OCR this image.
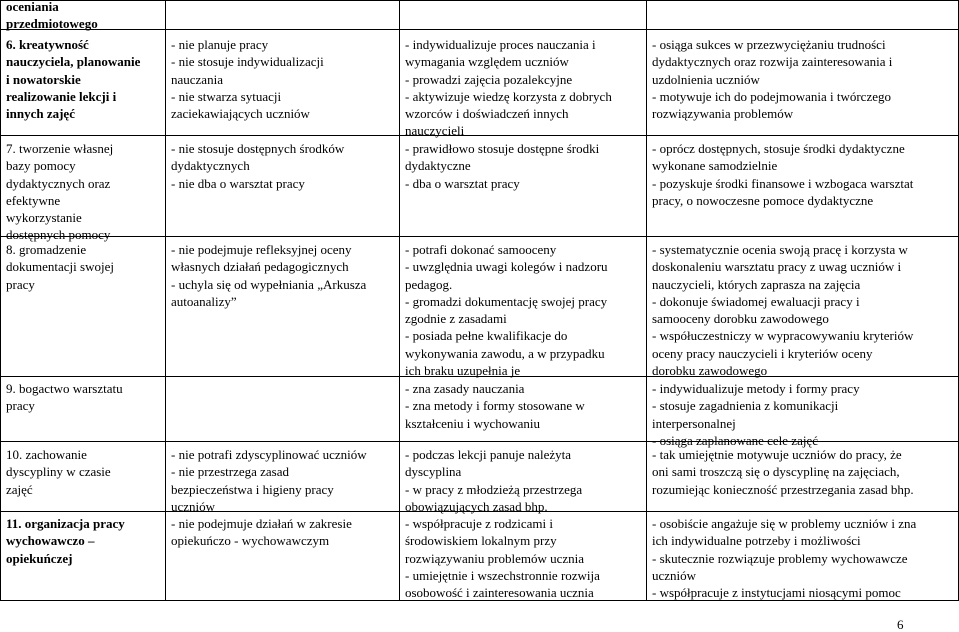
oceniania
przedmiotowego
6. kreatywność
nauczyciela, planowanie
i nowatorskie
realizowanie lekcji i
innych zajęć
7. tworzenie własnej
bazy pomocy
dydaktycznych oraz
efektywne
wykorzystanie
dostępnych pomocy
8. gromadzenie
dokumentacji swojej
pracy
9. bogactwo warsztatu
pracy
10. zachowanie
dyscypliny w czasie
zajęć
11. organizacja pracy
wychowawczo –
opiekuńczej
- nie planuje pracy
- nie stosuje indywidualizacji
nauczania
- nie stwarza sytuacji
zaciekawiających uczniów
- nie stosuje dostępnych środków
dydaktycznych
- nie dba o warsztat pracy
- nie podejmuje refleksyjnej oceny
własnych działań pedagogicznych
- uchyla się od wypełniania „Arkusza
autoanalizy”
- nie potrafi zdyscyplinować uczniów
- nie przestrzega zasad
bezpieczeństwa i higieny pracy
uczniów
- nie podejmuje działań w zakresie
opiekuńczo - wychowawczym
- indywidualizuje proces nauczania i
wymagania względem uczniów
- prowadzi zajęcia pozalekcyjne
- aktywizuje wiedzę korzysta z dobrych
wzorców i doświadczeń innych
nauczycieli
- prawidłowo stosuje dostępne środki
dydaktyczne
- dba o warsztat pracy
- potrafi dokonać samooceny
- uwzględnia uwagi kolegów i nadzoru
pedagog.
- gromadzi dokumentację swojej pracy
zgodnie z zasadami
- posiada pełne kwalifikacje do
wykonywania zawodu, a w przypadku
ich braku uzupełnia je
- zna zasady nauczania
- zna metody i formy stosowane w
kształceniu i wychowaniu
- podczas lekcji panuje należyta
dyscyplina
- w pracy z młodzieżą przestrzega
obowiązujących zasad bhp.
- współpracuje z rodzicami i
środowiskiem lokalnym przy
rozwiązywaniu problemów ucznia
- umiejętnie i wszechstronnie rozwija
osobowość i zainteresowania ucznia
- osiąga sukces w przezwyciężaniu trudności
dydaktycznych oraz rozwija zainteresowania i
uzdolnienia uczniów
- motywuje ich do podejmowania i twórczego
rozwiązywania problemów
- oprócz dostępnych, stosuje środki dydaktyczne
wykonane samodzielnie
- pozyskuje środki finansowe i wzbogaca warsztat
pracy, o nowoczesne pomoce dydaktyczne
- systematycznie ocenia swoją pracę i korzysta w
doskonaleniu warsztatu pracy z uwag uczniów i
nauczycieli, których zaprasza na zajęcia
- dokonuje świadomej ewaluacji pracy i
samooceny dorobku zawodowego
- współuczestniczy w wypracowywaniu kryteriów
oceny pracy nauczycieli i kryteriów oceny
dorobku zawodowego
- indywidualizuje metody i formy pracy
- stosuje zagadnienia z komunikacji
interpersonalnej
- osiąga zaplanowane cele zajęć
- tak umiejętnie motywuje uczniów do pracy, że
oni sami troszczą się o dyscyplinę na zajęciach,
rozumiejąc konieczność przestrzegania zasad bhp.
- osobiście angażuje się w problemy uczniów i zna
ich indywidualne potrzeby i możliwości
- skutecznie rozwiązuje problemy wychowawcze
uczniów
- współpracuje z instytucjami niosącymi pomoc
6
